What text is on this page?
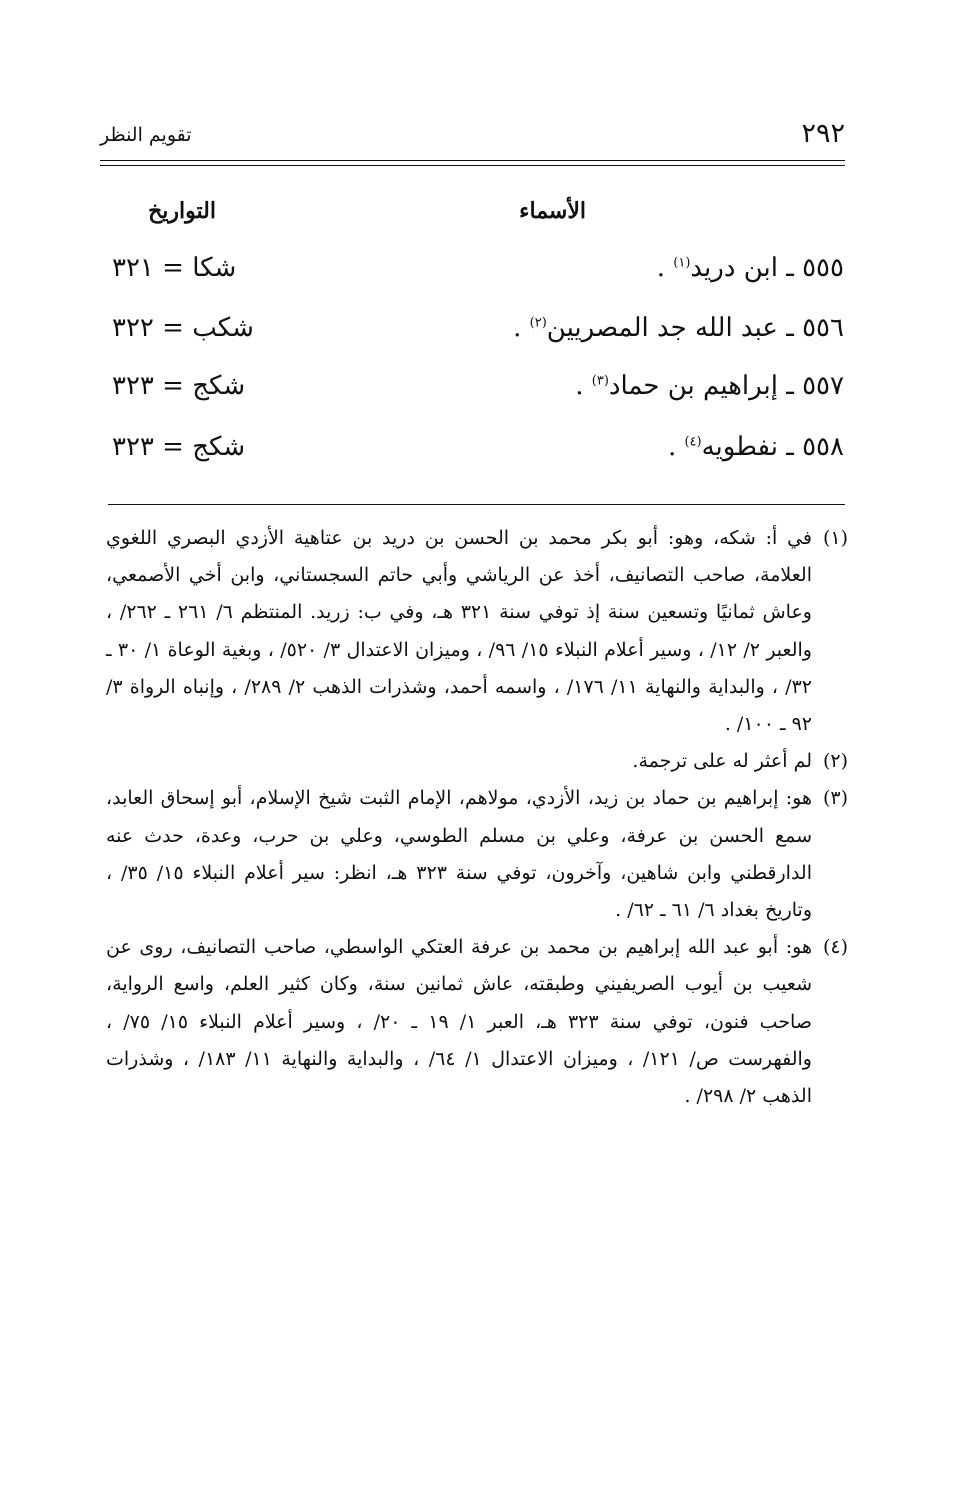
٢٩٢
تقويم النظر
الأسماء
التواريخ
٥٥٥ ـ ابن دريد$^{(١)}$ .
شكا = ٣٢١
٥٥٦ ـ عبد الله جد المصريين$^{(٢)}$ .
شكب = ٣٢٢
٥٥٧ ـ إبراهيم بن حماد$^{(٣)}$ .
شكج = ٣٢٣
٥٥٨ ـ نفطويه$^{(٤)}$ .
شكج = ٣٢٣
(١)
في أ: شكه، وهو: أبو بكر محمد بن الحسن بن دريد بن عتاهية الأزدي البصري اللغوي العلامة، صاحب التصانيف، أخذ عن الرياشي وأبي حاتم السجستاني، وابن أخي الأصمعي، وعاش ثمانيًا وتسعين سنة إذ توفي سنة ٣٢١ هـ، وفي ب: زريد. المنتظم ٦/ ٢٦١ ـ ٢٦٢/ ، والعبر ٢/ ١٢/ ، وسير أعلام النبلاء ١٥/ ٩٦/ ، وميزان الاعتدال ٣/ ٥٢٠/ ، وبغية الوعاة ١/ ٣٠ ـ ٣٢/ ، والبداية والنهاية ١١/ ١٧٦/ ، واسمه أحمد، وشذرات الذهب ٢/ ٢٨٩/ ، وإنباه الرواة ٣/ ٩٢ ـ ١٠٠/ .
(٢)
لم أعثر له على ترجمة.
(٣)
هو: إبراهيم بن حماد بن زيد، الأزدي، مولاهم، الإمام الثبت شيخ الإسلام، أبو إسحاق العابد، سمع الحسن بن عرفة، وعلي بن مسلم الطوسي، وعلي بن حرب، وعدة، حدث عنه الدارقطني وابن شاهين، وآخرون، توفي سنة ٣٢٣ هـ، انظر: سير أعلام النبلاء ١٥/ ٣٥/ ، وتاريخ بغداد ٦/ ٦١ ـ ٦٢/ .
(٤)
هو: أبو عبد الله إبراهيم بن محمد بن عرفة العتكي الواسطي، صاحب التصانيف، روى عن شعيب بن أيوب الصريفيني وطبقته، عاش ثمانين سنة، وكان كثير العلم، واسع الرواية، صاحب فنون، توفي سنة ٣٢٣ هـ، العبر ١/ ١٩ ـ ٢٠/ ، وسير أعلام النبلاء ١٥/ ٧٥/ ، والفهرست ص/ ١٢١/ ، وميزان الاعتدال ١/ ٦٤/ ، والبداية والنهاية ١١/ ١٨٣/ ، وشذرات الذهب ٢/ ٢٩٨/ .
